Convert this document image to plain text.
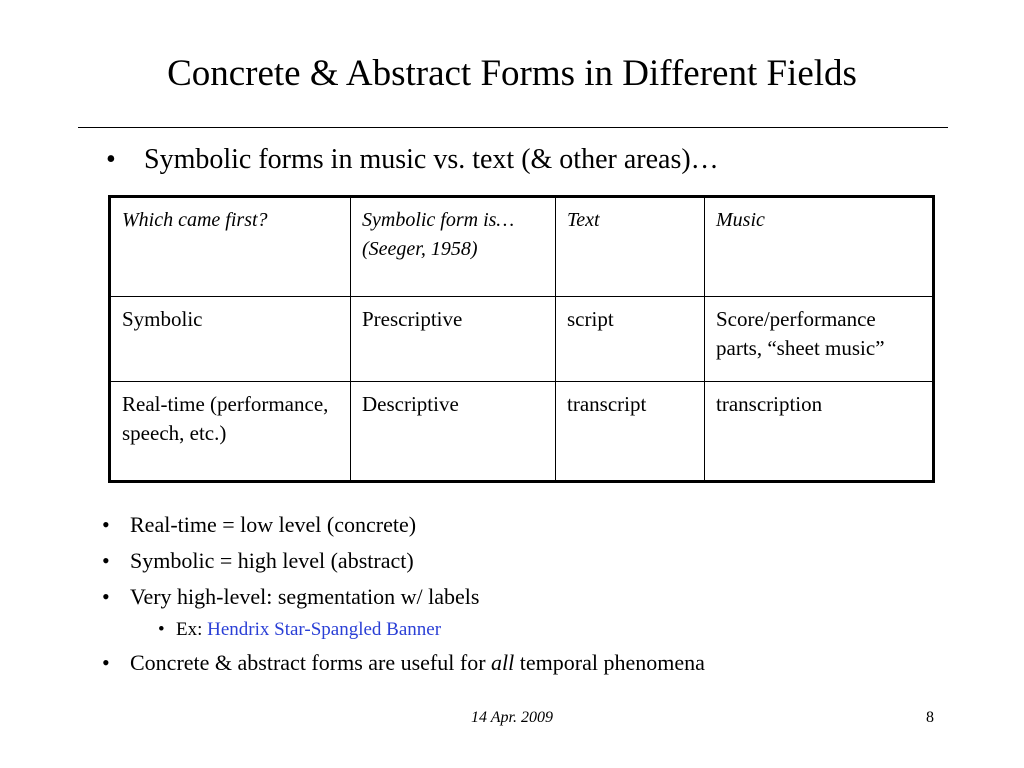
Concrete & Abstract Forms in Different Fields
• Symbolic forms in music vs. text (& other areas)…
Which came first?	Symbolic form is… (Seeger, 1958)	Text	Music
Symbolic	Prescriptive	script	Score/performance parts, “sheet music”
Real-time (performance, speech, etc.)	Descriptive	transcript	transcription
• Real-time = low level (concrete)
• Symbolic = high level (abstract)
• Very high-level: segmentation w/ labels
• Ex: Hendrix Star-Spangled Banner
• Concrete & abstract forms are useful for all temporal phenomena
14 Apr. 2009	8
